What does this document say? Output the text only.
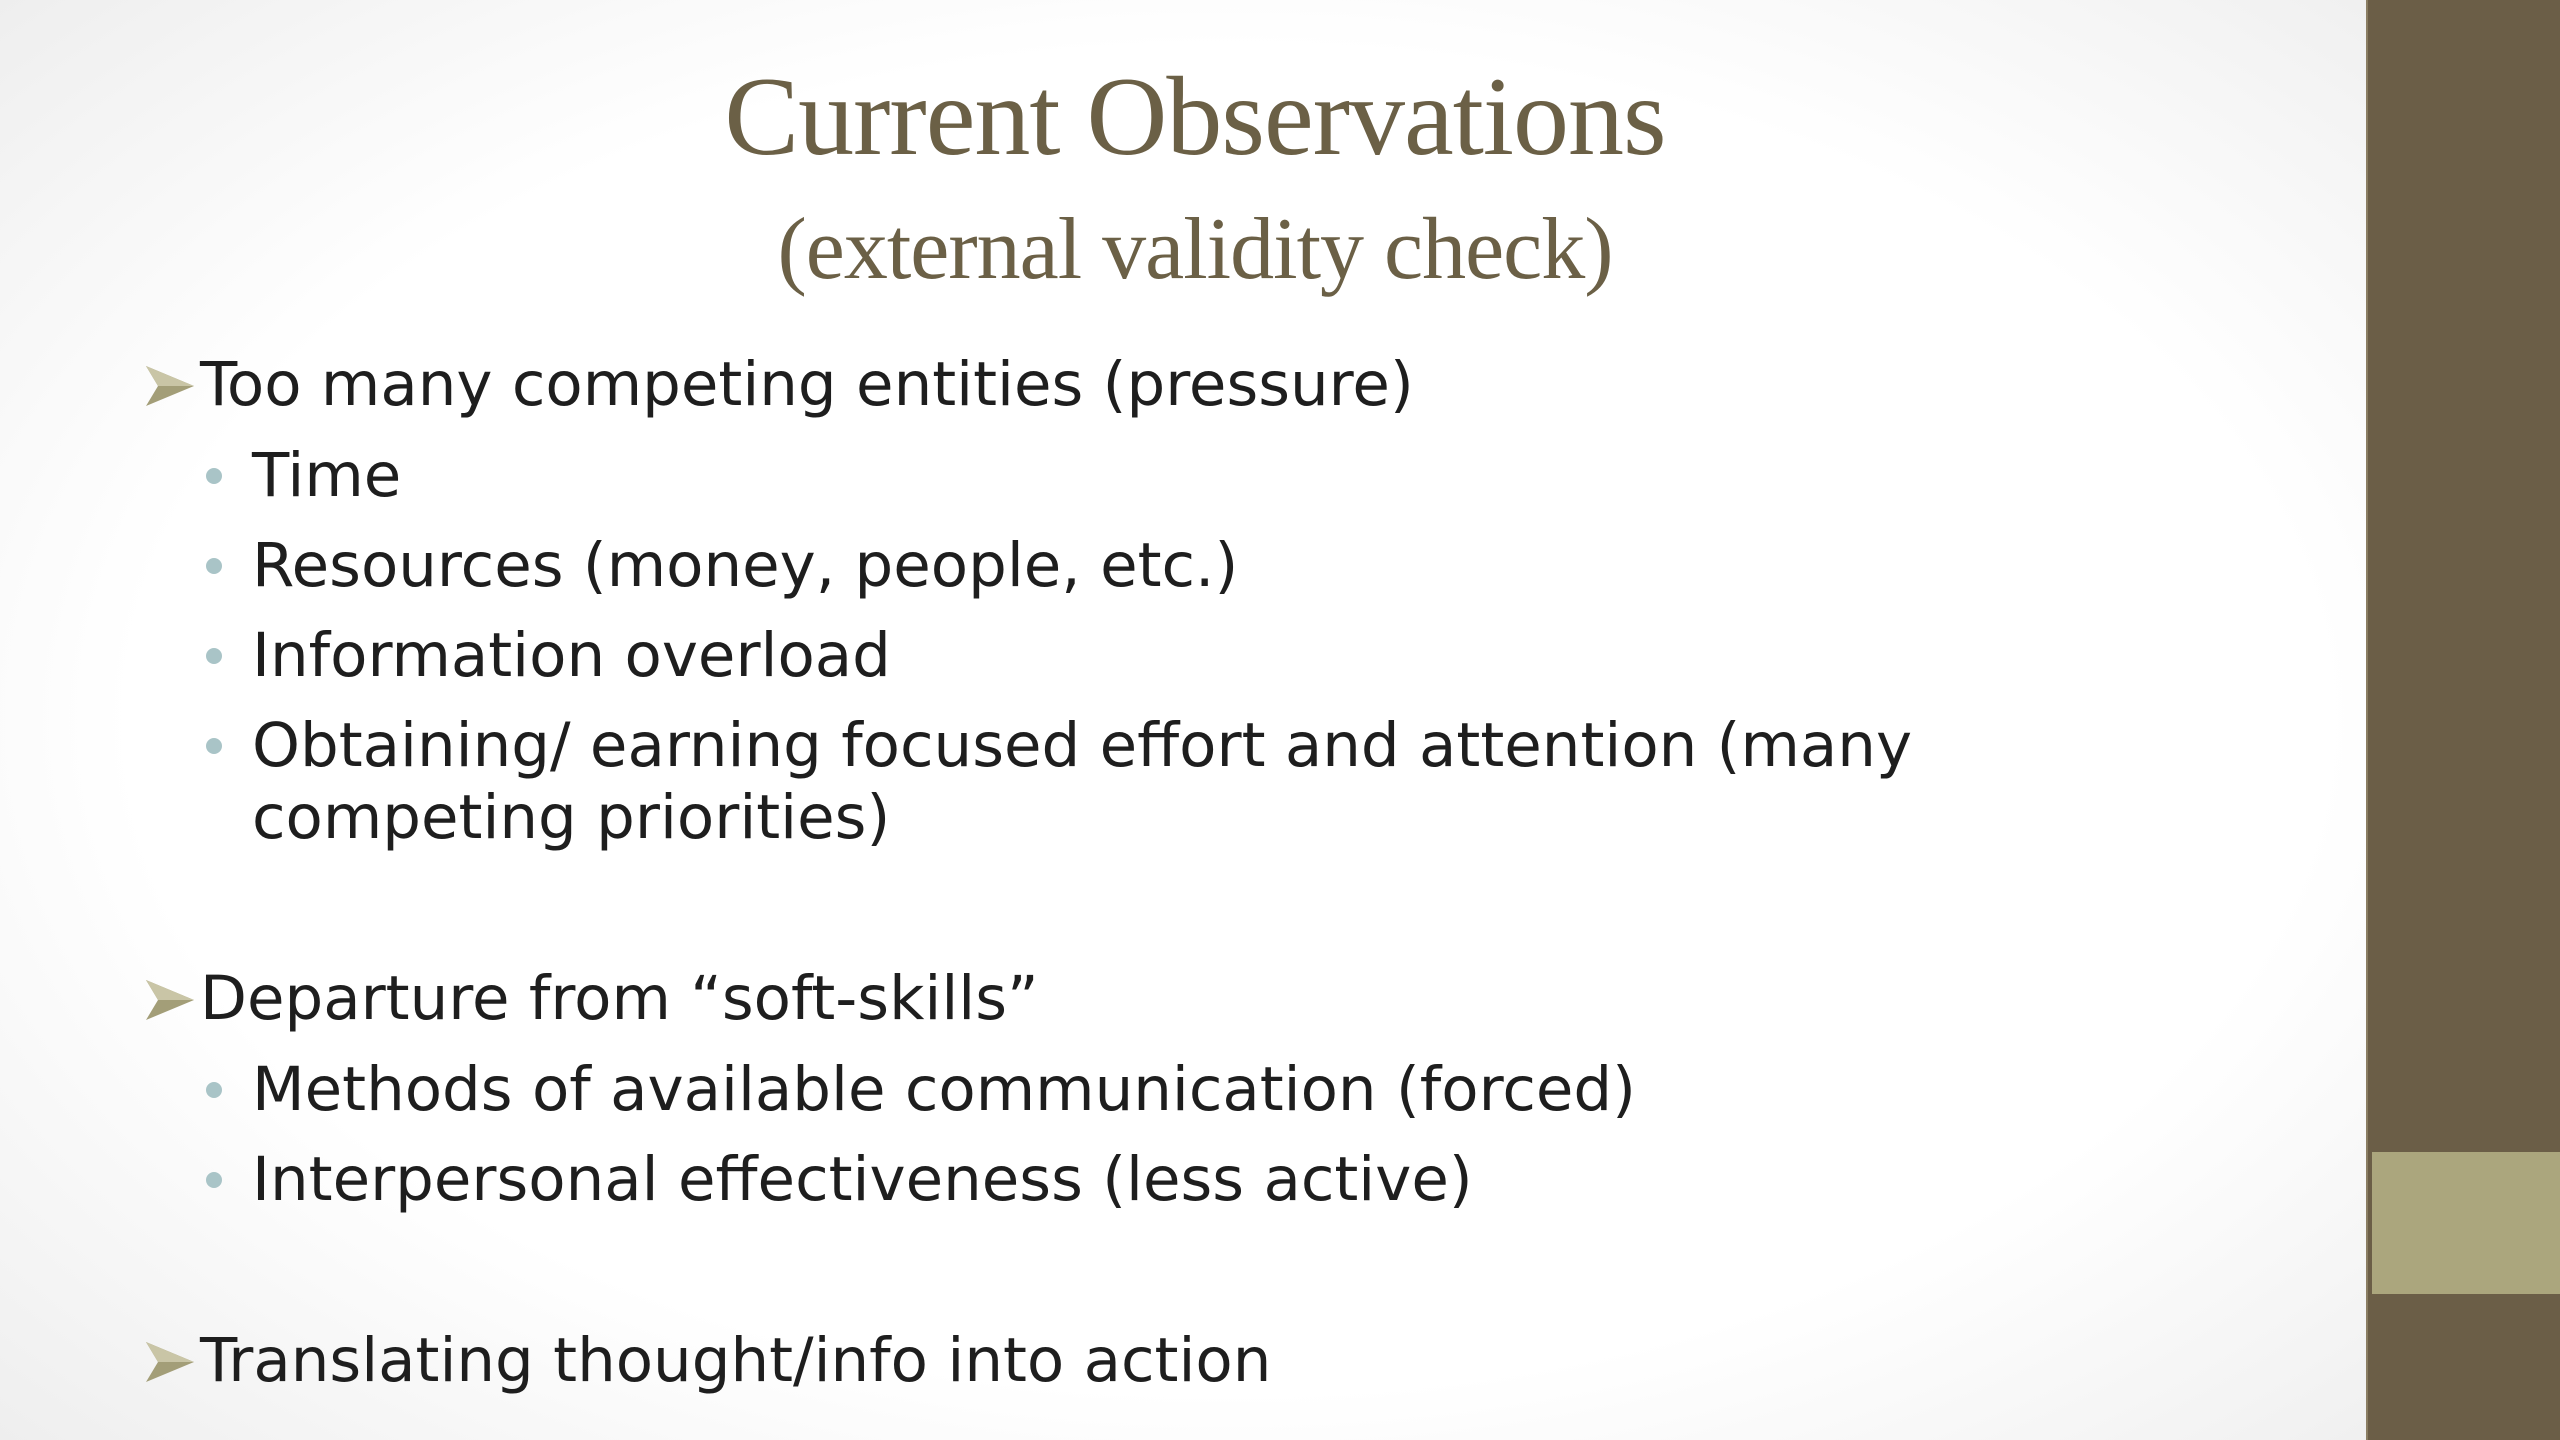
Current Observations
(external validity check)
Too many competing entities (pressure)
Time
Resources (money, people, etc.)
Information overload
Obtaining/ earning focused effort and attention (many competing priorities)
Departure from “soft-skills”
Methods of available communication (forced)
Interpersonal effectiveness (less active)
Translating thought/info into action
